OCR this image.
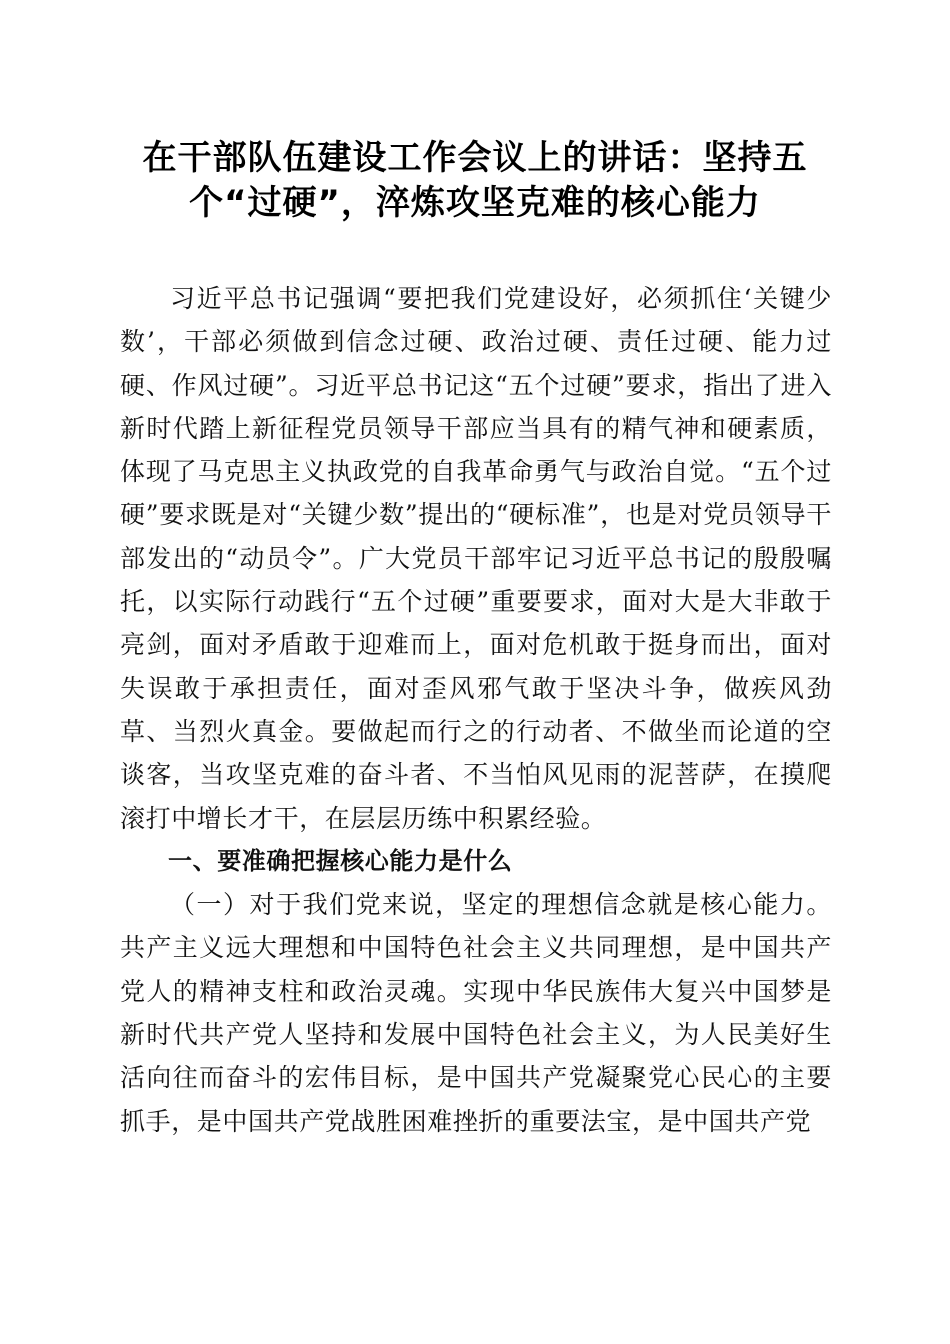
在干部队伍建设工作会议上的讲话：坚持五个“过硬”，淬炼攻坚克难的核心能力

习近平总书记强调“要把我们党建设好，必须抓住‘关键少数’，干部必须做到信念过硬、政治过硬、责任过硬、能力过硬、作风过硬”。习近平总书记这“五个过硬”要求，指出了进入新时代踏上新征程党员领导干部应当具有的精气神和硬素质，体现了马克思主义执政党的自我革命勇气与政治自觉。“五个过硬”要求既是对“关键少数”提出的“硬标准”，也是对党员领导干部发出的“动员令”。广大党员干部牢记习近平总书记的殷殷嘱托，以实际行动践行“五个过硬”重要要求，面对大是大非敢于亮剑，面对矛盾敢于迎难而上，面对危机敢于挺身而出，面对失误敢于承担责任，面对歪风邪气敢于坚决斗争，做疾风劲草、当烈火真金。要做起而行之的行动者、不做坐而论道的空谈客，当攻坚克难的奋斗者、不当怕风见雨的泥菩萨，在摸爬滚打中增长才干，在层层历练中积累经验。

一、要准确把握核心能力是什么

（一）对于我们党来说，坚定的理想信念就是核心能力。共产主义远大理想和中国特色社会主义共同理想，是中国共产党人的精神支柱和政治灵魂。实现中华民族伟大复兴中国梦是新时代共产党人坚持和发展中国特色社会主义，为人民美好生活向往而奋斗的宏伟目标，是中国共产党凝聚党心民心的主要抓手，是中国共产党战胜困难挫折的重要法宝，是中国共产党
